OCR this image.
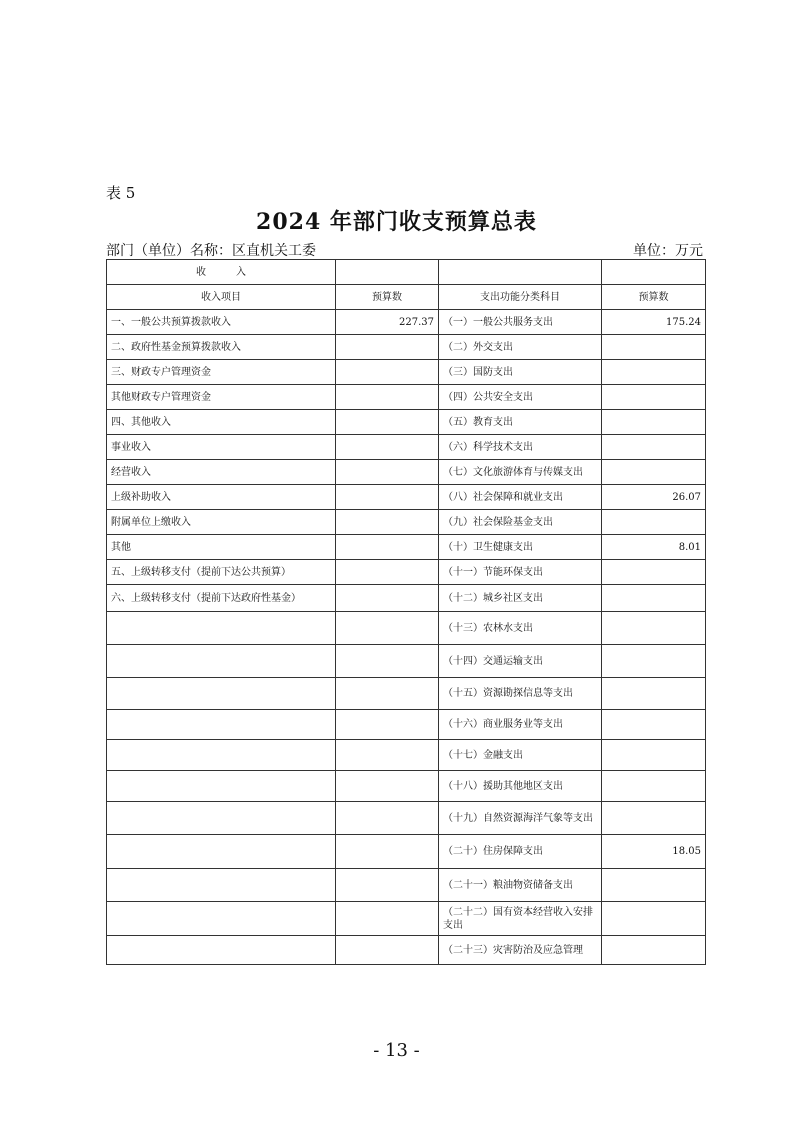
表 5
2024 年部门收支预算总表
部门（单位）名称：区直机关工委	单位：万元
收　　　入			
收入项目	预算数	支出功能分类科目	预算数
一、一般公共预算拨款收入	227.37	（一）一般公共服务支出	175.24
二、政府性基金预算拨款收入		（二）外交支出	
三、财政专户管理资金		（三）国防支出	
其他财政专户管理资金		（四）公共安全支出	
四、其他收入		（五）教育支出	
事业收入		（六）科学技术支出	
经营收入		（七）文化旅游体育与传媒支出	
上级补助收入		（八）社会保障和就业支出	26.07
附属单位上缴收入		（九）社会保险基金支出	
其他		（十）卫生健康支出	8.01
五、上级转移支付（提前下达公共预算）		（十一）节能环保支出	
六、上级转移支付（提前下达政府性基金）		（十二）城乡社区支出	
		（十三）农林水支出	
		（十四）交通运输支出	
		（十五）资源勘探信息等支出	
		（十六）商业服务业等支出	
		（十七）金融支出	
		（十八）援助其他地区支出	
		（十九）自然资源海洋气象等支出	
		（二十）住房保障支出	18.05
		（二十一）粮油物资储备支出	
		（二十二）国有资本经营收入安排支出	
		（二十三）灾害防治及应急管理	
- 13 -
